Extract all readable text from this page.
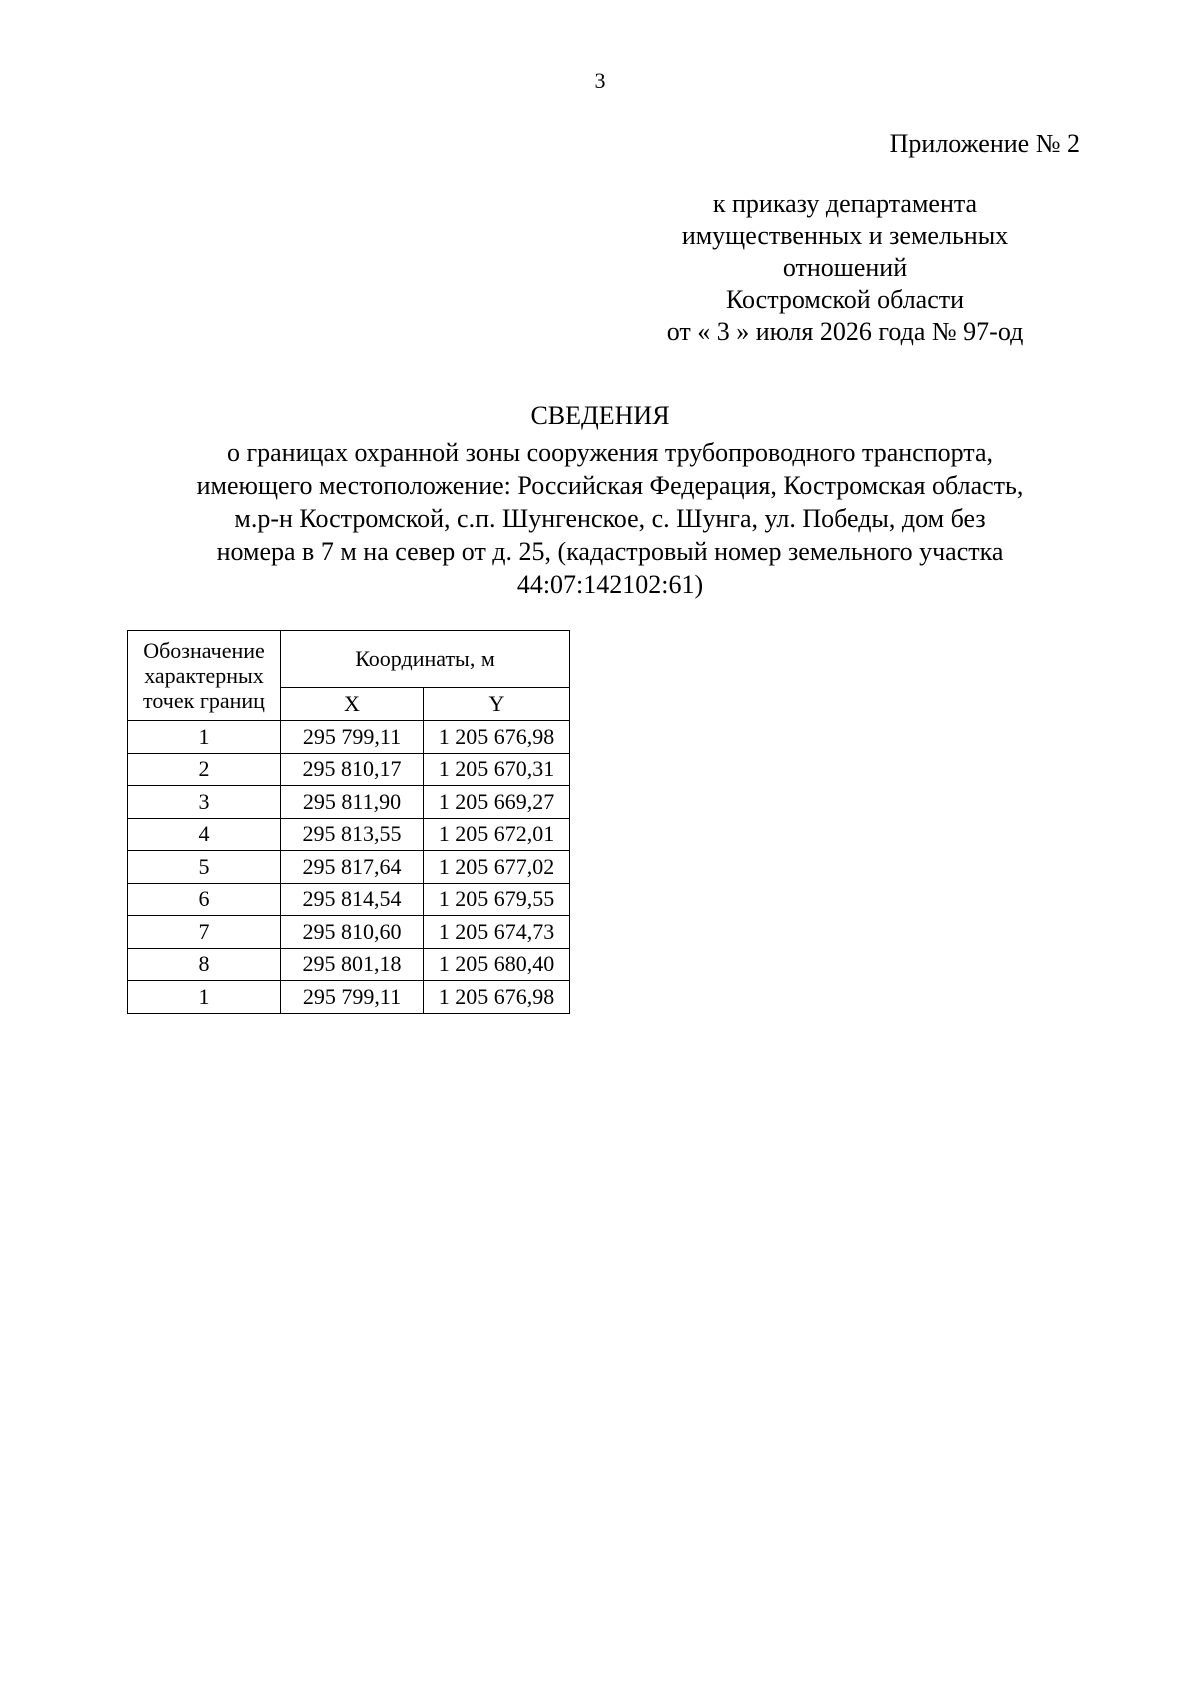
3
Приложение № 2
к приказу департамента
имущественных и земельных
отношений
Костромской области
от « 3 » июля 2026 года № 97-од
СВЕДЕНИЯ
о границах охранной зоны сооружения трубопроводного транспорта,
имеющего местоположение: Российская Федерация, Костромская область,
м.р-н Костромской, с.п. Шунгенское, с. Шунга, ул. Победы, дом без
номера в 7 м на север от д. 25, (кадастровый номер земельного участка
44:07:142102:61)
Обозначение характерных точек границ	Координаты, м	
	X	Y
1	295 799,11	1 205 676,98
2	295 810,17	1 205 670,31
3	295 811,90	1 205 669,27
4	295 813,55	1 205 672,01
5	295 817,64	1 205 677,02
6	295 814,54	1 205 679,55
7	295 810,60	1 205 674,73
8	295 801,18	1 205 680,40
1	295 799,11	1 205 676,98
